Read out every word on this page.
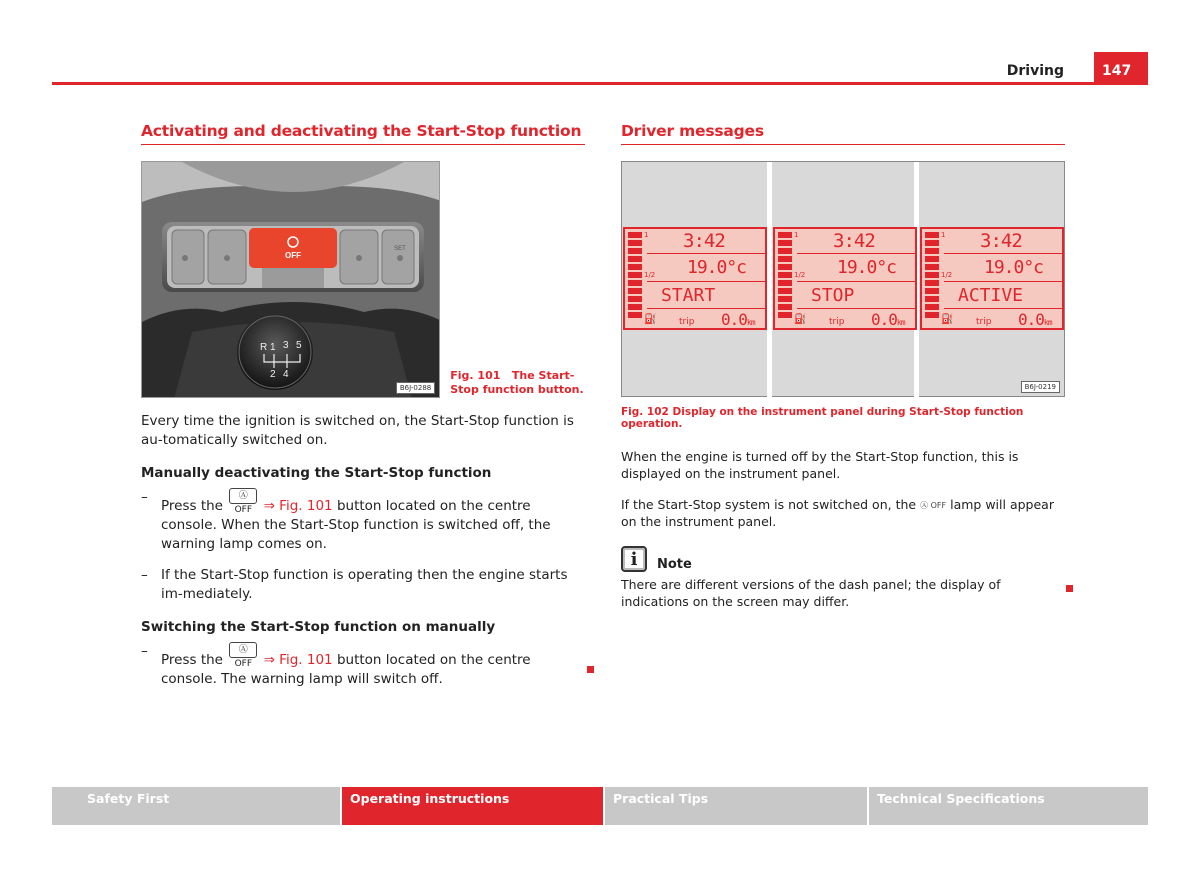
Driving	147
Activating and deactivating the Start-Stop function
OFF
SET
R 1 3 5
2 4
B6J-0288
Fig. 101 The Start-Stop function button.

Every time the ignition is switched on, the Start-Stop function is au-tomatically switched on.

Manually deactivating the Start-Stop function
–
Press the Ⓐ OFF ⇒ Fig. 101 button located on the centre console. When the Start-Stop function is switched off, the warning lamp comes on.
– If the Start-Stop function is operating then the engine starts im-mediately.
Switching the Start-Stop function on manually
–
Press the Ⓐ OFF ⇒ Fig. 101 button located on the centre console. The warning lamp will switch off.
Driver messages
1
1/2
3:42
19.0°c
START
⛽	trip 0.0km
1
1/2
3:42
19.0°c
STOP
⛽	trip 0.0km
1
1/2
3:42
19.0°c
ACTIVE
⛽	trip 0.0km
B6J-0219
Fig. 102 Display on the instrument panel during Start-Stop function operation.

When the engine is turned off by the Start-Stop function, this is displayed on the instrument panel.

If the Start-Stop system is not switched on, the Ⓐ OFF lamp will appear on the instrument panel.

i	Note

There are different versions of the dash panel; the display of indications on the screen may differ.

Safety First	Operating instructions	Practical Tips	Technical Specifications
